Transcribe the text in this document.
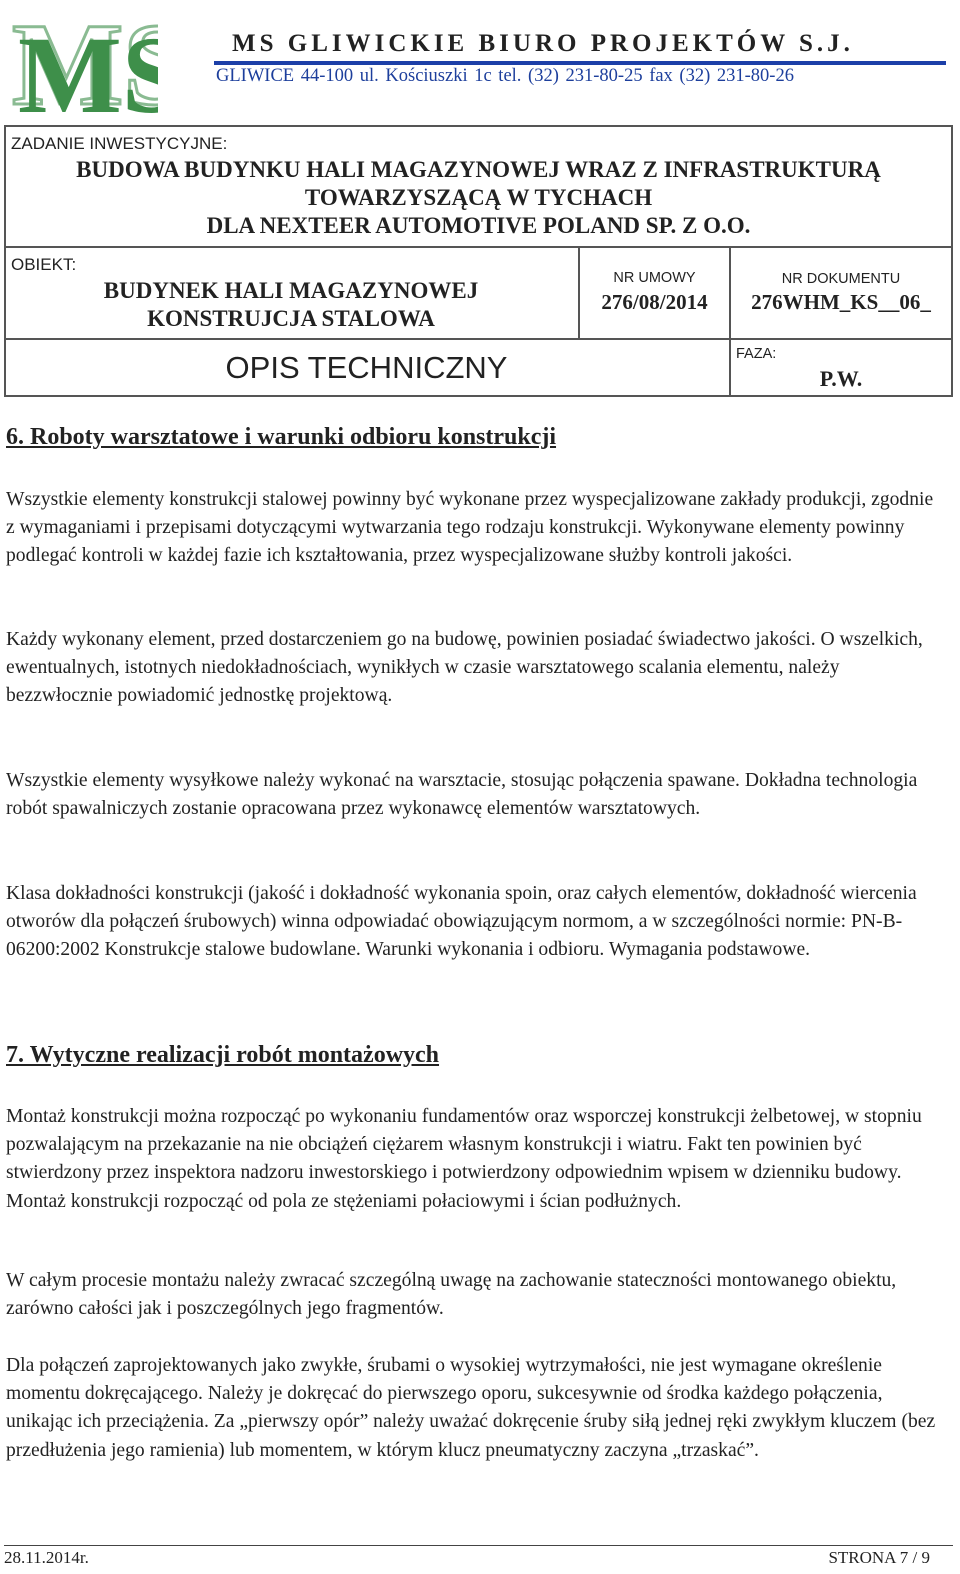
MS
MS MS GLIWICKIE BIURO PROJEKTÓW S.J.
GLIWICE 44-100 ul. Kościuszki 1c tel. (32) 231-80-25 fax (32) 231-80-26
ZADANIE INWESTYCYJNE:
BUDOWA BUDYNKU HALI MAGAZYNOWEJ WRAZ Z INFRASTRUKTURĄ
TOWARZYSZĄCĄ W TYCHACH
DLA NEXTEER AUTOMOTIVE POLAND SP. Z O.O.
OBIEKT:
BUDYNEK HALI MAGAZYNOWEJ
KONSTRUJCJA STALOWA
NR UMOWY
276/08/2014
NR DOKUMENTU
276WHM_KS__06_
OPIS TECHNICZNY	FAZA:
P.W.
6. Roboty warsztatowe i warunki odbioru konstrukcji

Wszystkie elementy konstrukcji stalowej powinny być wykonane przez wyspecjalizowane zakłady produkcji, zgodnie z wymaganiami i przepisami dotyczącymi wytwarzania tego rodzaju konstrukcji. Wykonywane elementy powinny podlegać kontroli w każdej fazie ich kształtowania, przez wyspecjalizowane służby kontroli jakości.

Każdy wykonany element, przed dostarczeniem go na budowę, powinien posiadać świadectwo jakości. O wszelkich, ewentualnych, istotnych niedokładnościach, wynikłych w czasie warsztatowego scalania elementu, należy bezzwłocznie powiadomić jednostkę projektową.

Wszystkie elementy wysyłkowe należy wykonać na warsztacie, stosując połączenia spawane. Dokładna technologia robót spawalniczych zostanie opracowana przez wykonawcę elementów warsztatowych.

Klasa dokładności konstrukcji (jakość i dokładność wykonania spoin, oraz całych elementów, dokładność wiercenia otworów dla połączeń śrubowych) winna odpowiadać obowiązującym normom, a w szczególności normie: PN-B-06200:2002 Konstrukcje stalowe budowlane. Warunki wykonania i odbioru. Wymagania podstawowe.

7. Wytyczne realizacji robót montażowych

Montaż konstrukcji można rozpocząć po wykonaniu fundamentów oraz wsporczej konstrukcji żelbetowej, w stopniu pozwalającym na przekazanie na nie obciążeń ciężarem własnym konstrukcji i wiatru. Fakt ten powinien być stwierdzony przez inspektora nadzoru inwestorskiego i potwierdzony odpowiednim wpisem w dzienniku budowy. Montaż konstrukcji rozpocząć od pola ze stężeniami połaciowymi i ścian podłużnych.

W całym procesie montażu należy zwracać szczególną uwagę na zachowanie stateczności montowanego obiektu, zarówno całości jak i poszczególnych jego fragmentów.

Dla połączeń zaprojektowanych jako zwykłe, śrubami o wysokiej wytrzymałości, nie jest wymagane określenie momentu dokręcającego. Należy je dokręcać do pierwszego oporu, sukcesywnie od środka każdego połączenia, unikając ich przeciążenia. Za „pierwszy opór” należy uważać dokręcenie śruby siłą jednej ręki zwykłym kluczem (bez przedłużenia jego ramienia) lub momentem, w którym klucz pneumatyczny zaczyna „trzaskać”.

28.11.2014r.	STRONA 7 / 9
